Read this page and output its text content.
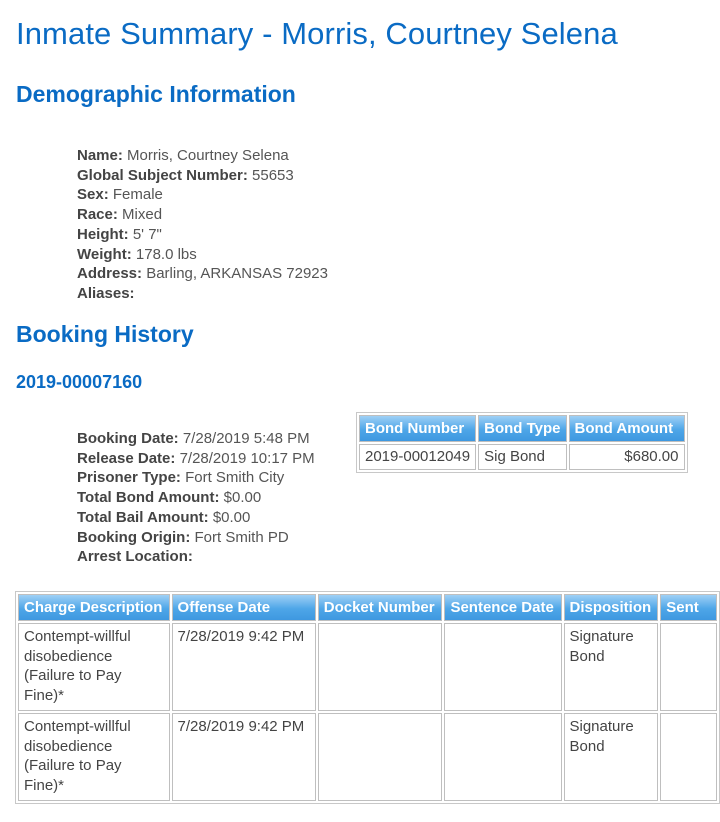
Inmate Summary - Morris, Courtney Selena
Demographic Information
Name: Morris, Courtney Selena
Global Subject Number: 55653
Sex: Female
Race: Mixed
Height: 5' 7"
Weight: 178.0 lbs
Address: Barling, ARKANSAS 72923
Aliases:
Booking History
2019-00007160
Booking Date: 7/28/2019 5:48 PM
Release Date: 7/28/2019 10:17 PM
Prisoner Type: Fort Smith City
Total Bond Amount: $0.00
Total Bail Amount: $0.00
Booking Origin: Fort Smith PD
Arrest Location:
Bond Number	Bond Type	Bond Amount
2019-00012049	Sig Bond	$680.00
Charge Description	Offense Date	Docket Number	Sentence Date	Disposition	Sent
Contempt-willful disobedience (Failure to Pay Fine)*	7/28/2019 9:42 PM			Signature Bond	
Contempt-willful disobedience (Failure to Pay Fine)*	7/28/2019 9:42 PM			Signature Bond	
